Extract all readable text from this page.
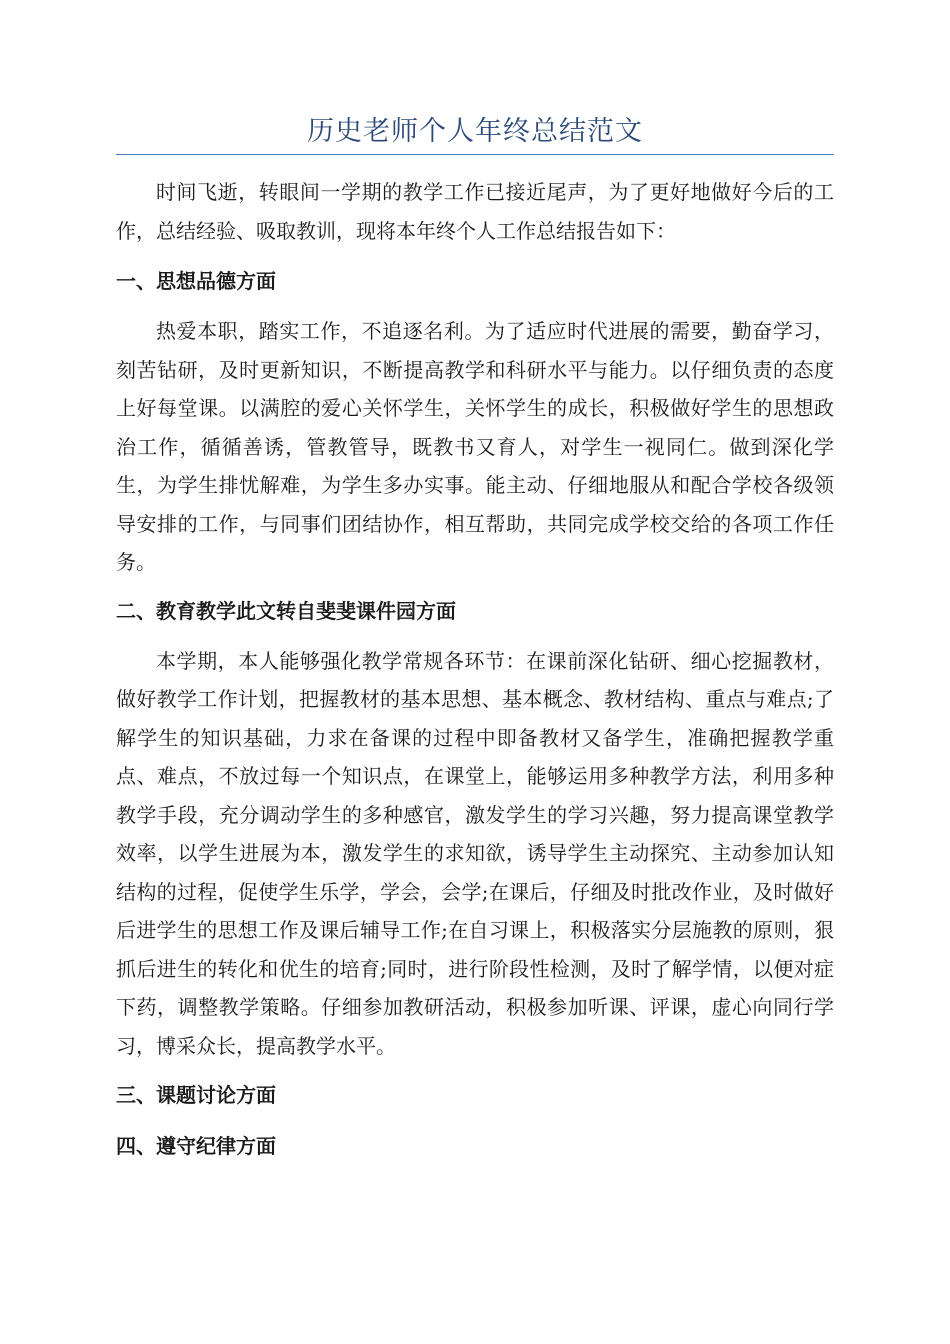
历史老师个人年终总结范文

时间飞逝，转眼间一学期的教学工作已接近尾声，为了更好地做好今后的工作，总结经验、吸取教训，现将本年终个人工作总结报告如下：

一、思想品德方面

热爱本职，踏实工作，不追逐名利。为了适应时代进展的需要，勤奋学习，刻苦钻研，及时更新知识，不断提高教学和科研水平与能力。以仔细负责的态度上好每堂课。以满腔的爱心关怀学生，关怀学生的成长，积极做好学生的思想政治工作，循循善诱，管教管导，既教书又育人，对学生一视同仁。做到深化学生，为学生排忧解难，为学生多办实事。能主动、仔细地服从和配合学校各级领导安排的工作，与同事们团结协作，相互帮助，共同完成学校交给的各项工作任务。

二、教育教学此文转自斐斐课件园方面

本学期，本人能够强化教学常规各环节：在课前深化钻研、细心挖掘教材，做好教学工作计划，把握教材的基本思想、基本概念、教材结构、重点与难点;了解学生的知识基础，力求在备课的过程中即备教材又备学生，准确把握教学重点、难点，不放过每一个知识点，在课堂上，能够运用多种教学方法，利用多种教学手段，充分调动学生的多种感官，激发学生的学习兴趣，努力提高课堂教学效率，以学生进展为本，激发学生的求知欲，诱导学生主动探究、主动参加认知结构的过程，促使学生乐学，学会，会学;在课后，仔细及时批改作业，及时做好后进学生的思想工作及课后辅导工作;在自习课上，积极落实分层施教的原则，狠抓后进生的转化和优生的培育;同时，进行阶段性检测，及时了解学情，以便对症下药，调整教学策略。仔细参加教研活动，积极参加听课、评课，虚心向同行学习，博采众长，提高教学水平。

三、课题讨论方面
四、遵守纪律方面
